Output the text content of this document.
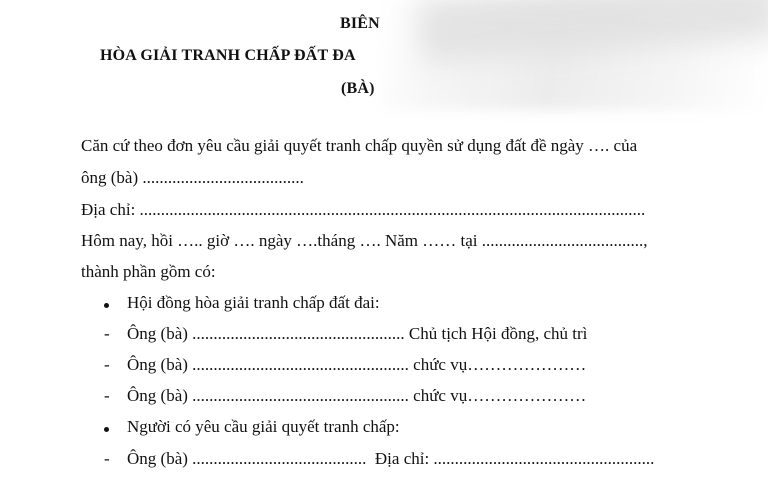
BIÊN
HÒA GIẢI TRANH CHẤP ĐẤT ĐA
(BÀ)
Căn cứ theo đơn yêu cầu giải quyết tranh chấp quyền sử dụng đất đề ngày …. của
ông (bà) ......................................
Địa chỉ: .......................................................................................................................
Hôm nay, hồi ….. giờ …. ngày ….tháng …. Năm …… tại ......................................,
thành phần gồm có:
Hội đồng hòa giải tranh chấp đất đai:
- Ông (bà) .................................................. Chủ tịch Hội đồng, chủ trì
- Ông (bà) ................................................... chức vụ…………………
- Ông (bà) ................................................... chức vụ…………………
Người có yêu cầu giải quyết tranh chấp:
- Ông (bà) .........................................  Địa chỉ: ....................................................
